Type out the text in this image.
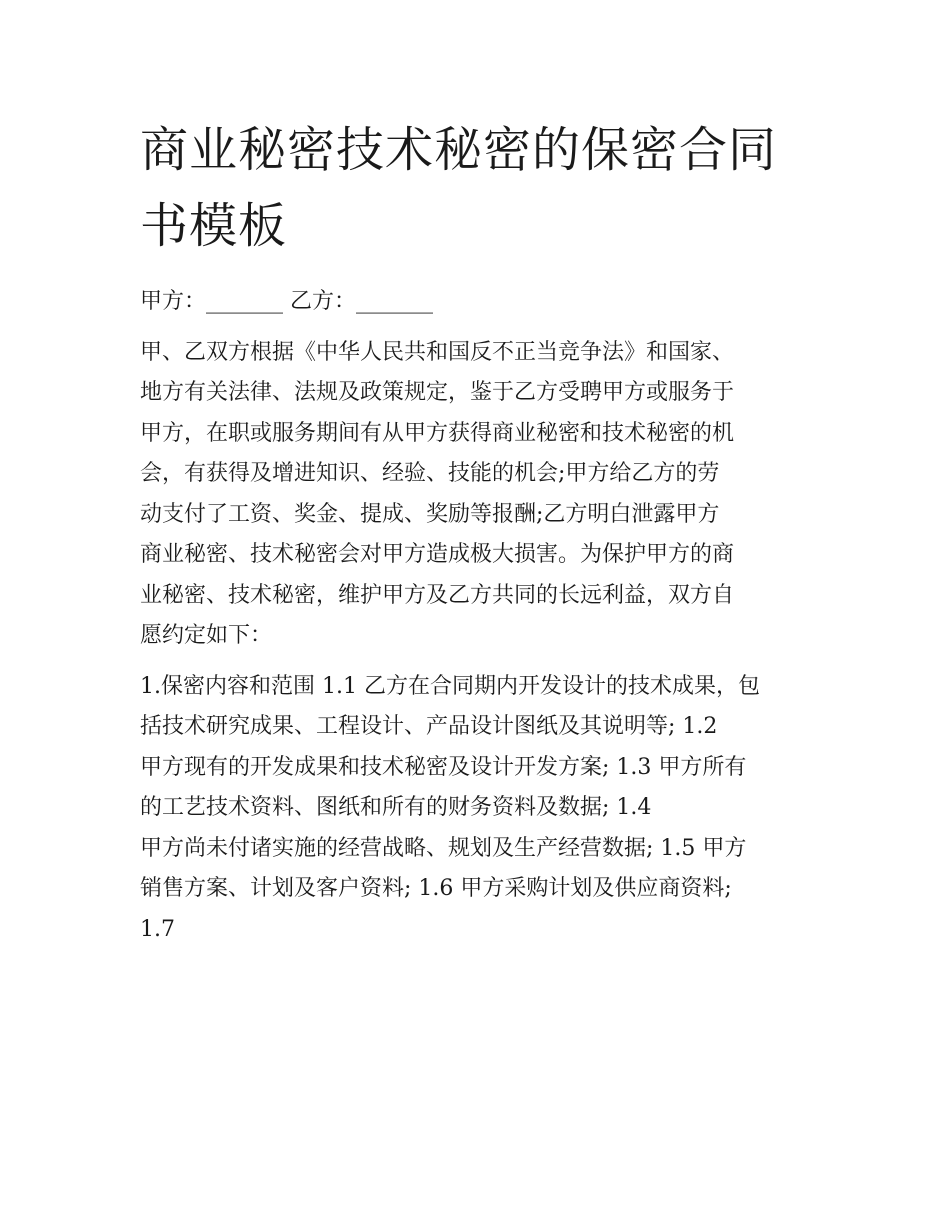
商业秘密技术秘密的保密合同
书模板
甲方：_______ 乙方：_______
甲、乙双方根据《中华人民共和国反不正当竞争法》和国家、
地方有关法律、法规及政策规定，鉴于乙方受聘甲方或服务于
甲方，在职或服务期间有从甲方获得商业秘密和技术秘密的机
会，有获得及增进知识、经验、技能的机会;甲方给乙方的劳
动支付了工资、奖金、提成、奖励等报酬;乙方明白泄露甲方
商业秘密、技术秘密会对甲方造成极大损害。为保护甲方的商
业秘密、技术秘密，维护甲方及乙方共同的长远利益，双方自
愿约定如下：
1.保密内容和范围 1.1 乙方在合同期内开发设计的技术成果，包
括技术研究成果、工程设计、产品设计图纸及其说明等; 1.2
甲方现有的开发成果和技术秘密及设计开发方案; 1.3 甲方所有
的工艺技术资料、图纸和所有的财务资料及数据; 1.4
甲方尚未付诸实施的经营战略、规划及生产经营数据; 1.5 甲方
销售方案、计划及客户资料; 1.6 甲方采购计划及供应商资料;
1.7
